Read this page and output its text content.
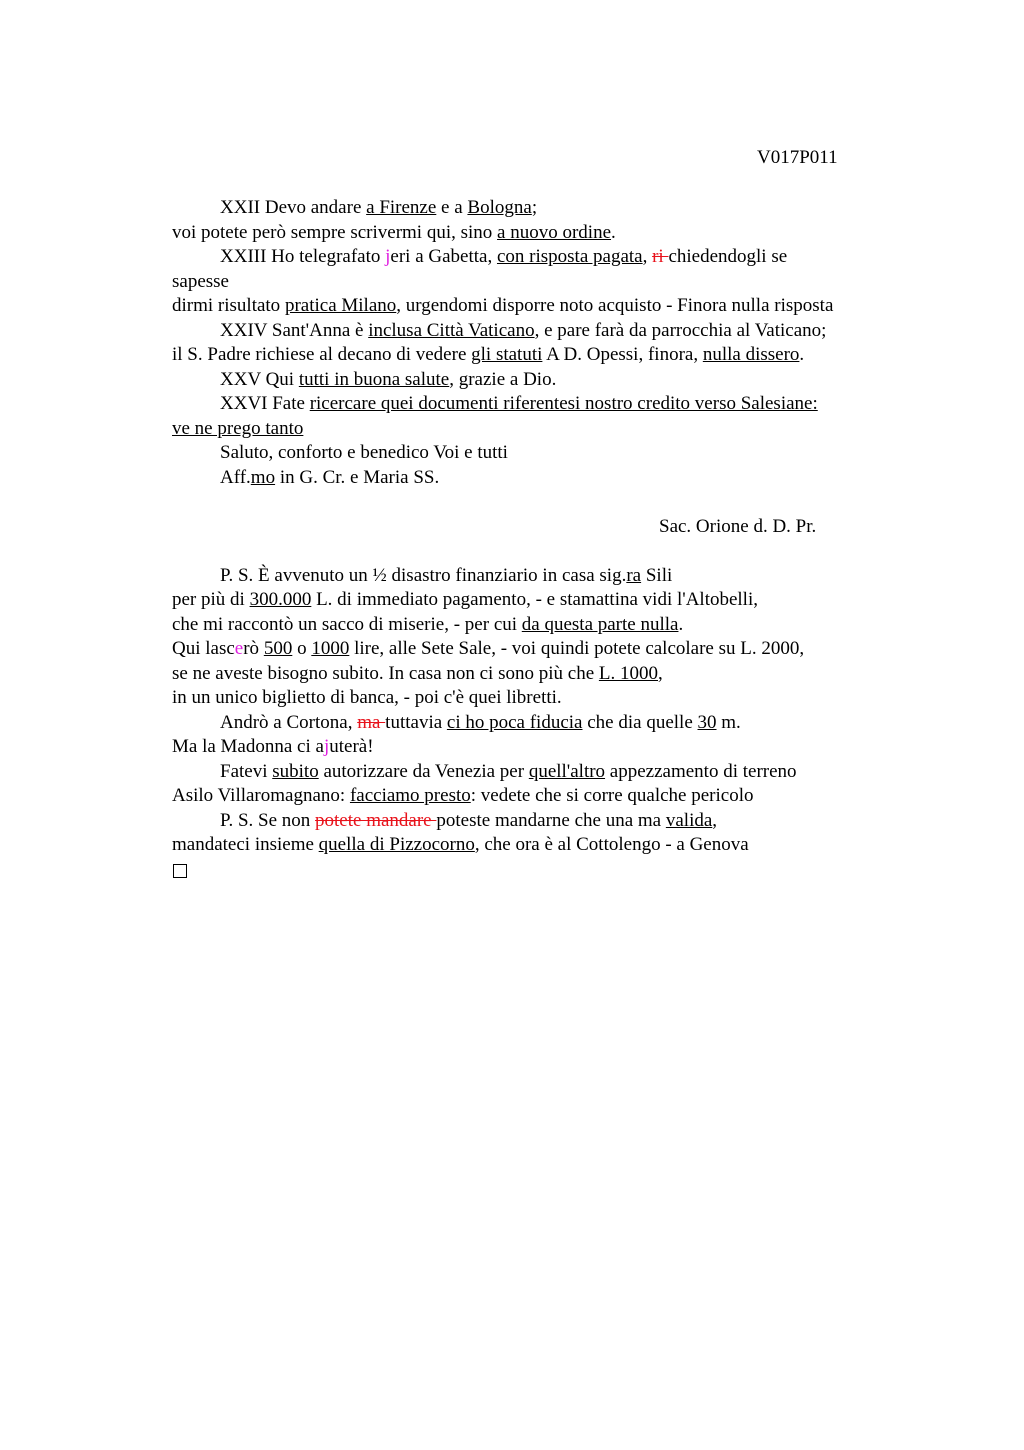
V017P011
XXII Devo andare a Firenze e a Bologna;
voi potete però sempre scrivermi qui, sino a nuovo ordine.
XXIII Ho telegrafato jeri a Gabetta, con risposta pagata, ri chiedendogli se
sapesse
dirmi risultato pratica Milano, urgendomi disporre noto acquisto - Finora nulla risposta
XXIV Sant'Anna è inclusa Città Vaticano, e pare farà da parrocchia al Vaticano;
il S. Padre richiese al decano di vedere gli statuti A D. Opessi, finora, nulla dissero.
XXV Qui tutti in buona salute, grazie a Dio.
XXVI Fate ricercare quei documenti riferentesi nostro credito verso Salesiane:
ve ne prego tanto
Saluto, conforto e benedico Voi e tutti
Aff.mo in G. Cr. e Maria SS.
Sac. Orione d. D. Pr.
P. S. È avvenuto un ½ disastro finanziario in casa sig.ra Sili
per più di 300.000 L. di immediato pagamento, - e stamattina vidi l'Altobelli,
che mi raccontò un sacco di miserie, - per cui da questa parte nulla.
Qui lascerò 500 o 1000 lire, alle Sete Sale, - voi quindi potete calcolare su L. 2000,
se ne aveste bisogno subito. In casa non ci sono più che L. 1000,
in un unico biglietto di banca, - poi c'è quei libretti.
Andrò a Cortona, ma tuttavia ci ho poca fiducia che dia quelle 30 m.
Ma la Madonna ci ajuterà!
Fatevi subito autorizzare da Venezia per quell'altro appezzamento di terreno
Asilo Villaromagnano: facciamo presto: vedete che si corre qualche pericolo
P. S. Se non potete mandare poteste mandarne che una ma valida,
mandateci insieme quella di Pizzocorno, che ora è al Cottolengo - a Genova
